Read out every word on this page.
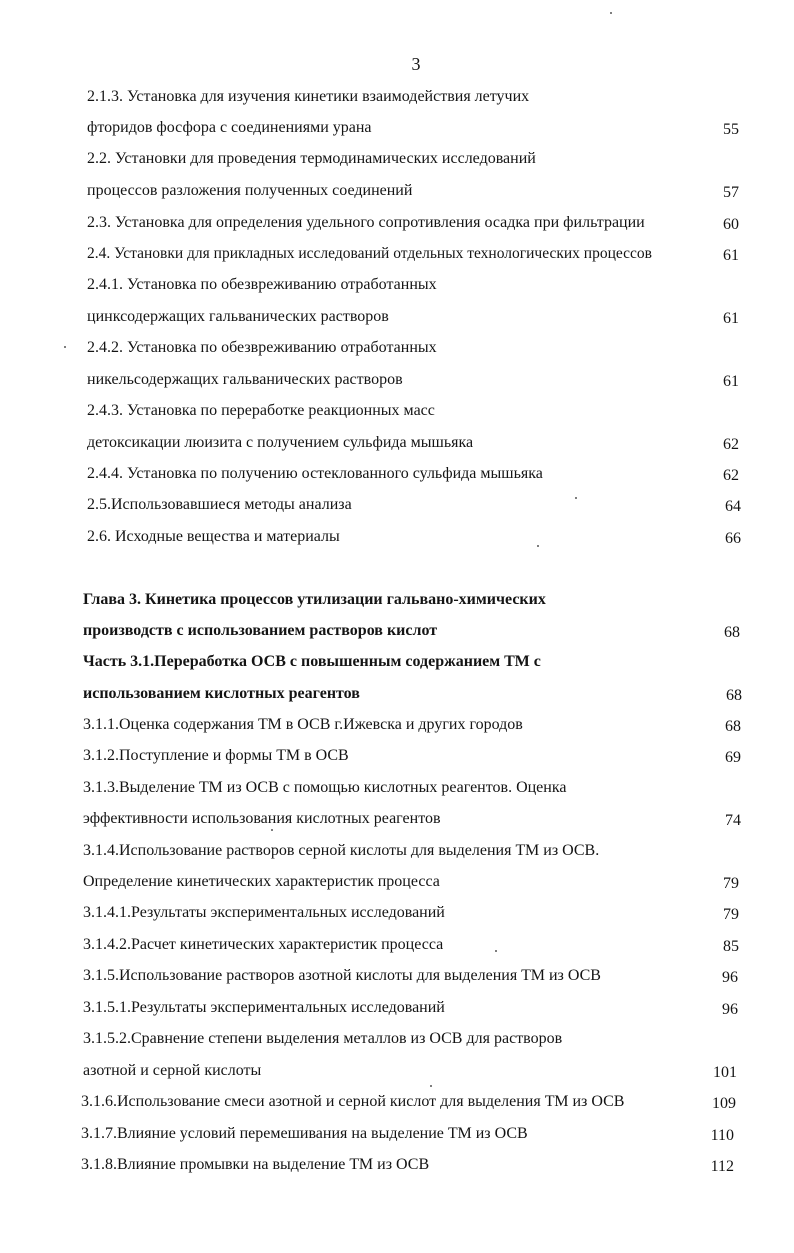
3
2.1.3. Установка для изучения кинетики взаимодействия летучих
фторидов фосфора с соединениями урана	55
2.2. Установки для проведения термодинамических исследований
процессов разложения полученных соединений	57
2.3. Установка для определения удельного сопротивления осадка при фильтрации	60
2.4. Установки для прикладных исследований отдельных технологических процессов	61
2.4.1. Установка по обезвреживанию отработанных
цинксодержащих гальванических растворов	61
2.4.2. Установка по обезвреживанию отработанных
никельсодержащих гальванических растворов	61
2.4.3. Установка по переработке реакционных масс
детоксикации люизита с получением сульфида мышьяка	62
2.4.4. Установка по получению остеклованного сульфида мышьяка	62
2.5.Использовавшиеся методы анализа	64
2.6. Исходные вещества и материалы	66
Глава 3. Кинетика процессов утилизации гальвано-химических
производств с использованием растворов кислот	68
Часть 3.1.Переработка ОСВ с повышенным содержанием ТМ с
использованием кислотных реагентов	68
3.1.1.Оценка содержания ТМ в ОСВ г.Ижевска и других городов	68
3.1.2.Поступление и формы ТМ в ОСВ	69
3.1.3.Выделение ТМ из ОСВ с помощью кислотных реагентов. Оценка
эффективности использования кислотных реагентов	74
3.1.4.Использование растворов серной кислоты для выделения ТМ из ОСВ.
Определение кинетических характеристик процесса	79
3.1.4.1.Результаты экспериментальных исследований	79
3.1.4.2.Расчет кинетических характеристик процесса	85
3.1.5.Использование растворов азотной кислоты для выделения ТМ из ОСВ	96
3.1.5.1.Результаты экспериментальных исследований	96
3.1.5.2.Сравнение степени выделения металлов из ОСВ для растворов
азотной и серной кислоты	101
3.1.6.Использование смеси азотной и серной кислот для выделения ТМ из ОСВ	109
3.1.7.Влияние условий перемешивания на выделение ТМ из ОСВ	110
3.1.8.Влияние промывки на выделение ТМ из ОСВ	112
